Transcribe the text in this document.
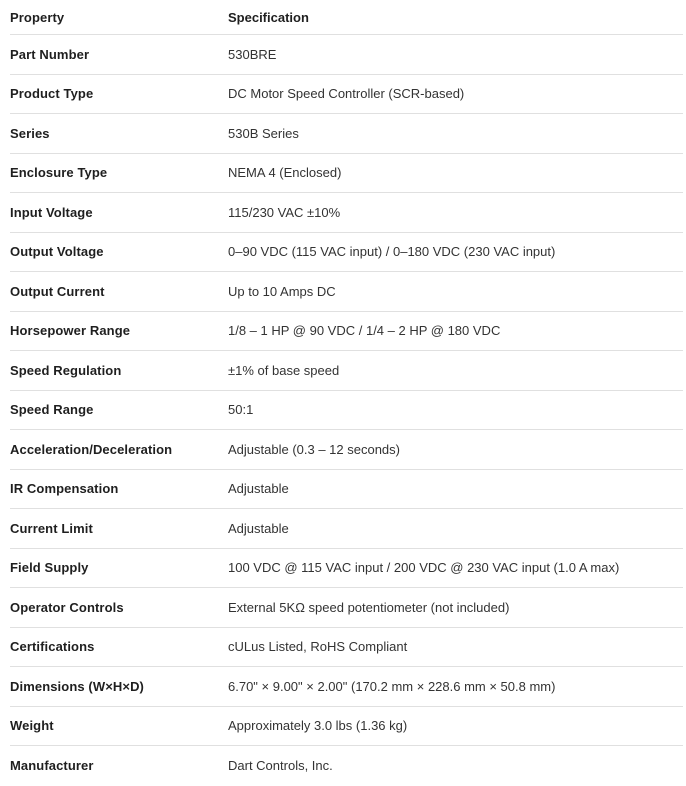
Property	Specification
Part Number	530BRE
Product Type	DC Motor Speed Controller (SCR-based)
Series	530B Series
Enclosure Type	NEMA 4 (Enclosed)
Input Voltage	115/230 VAC ±10%
Output Voltage	0–90 VDC (115 VAC input) / 0–180 VDC (230 VAC input)
Output Current	Up to 10 Amps DC
Horsepower Range	1/8 – 1 HP @ 90 VDC / 1/4 – 2 HP @ 180 VDC
Speed Regulation	±1% of base speed
Speed Range	50:1
Acceleration/Deceleration	Adjustable (0.3 – 12 seconds)
IR Compensation	Adjustable
Current Limit	Adjustable
Field Supply	100 VDC @ 115 VAC input / 200 VDC @ 230 VAC input (1.0 A max)
Operator Controls	External 5KΩ speed potentiometer (not included)
Certifications	cULus Listed, RoHS Compliant
Dimensions (W×H×D)	6.70" × 9.00" × 2.00" (170.2 mm × 228.6 mm × 50.8 mm)
Weight	Approximately 3.0 lbs (1.36 kg)
Manufacturer	Dart Controls, Inc.
